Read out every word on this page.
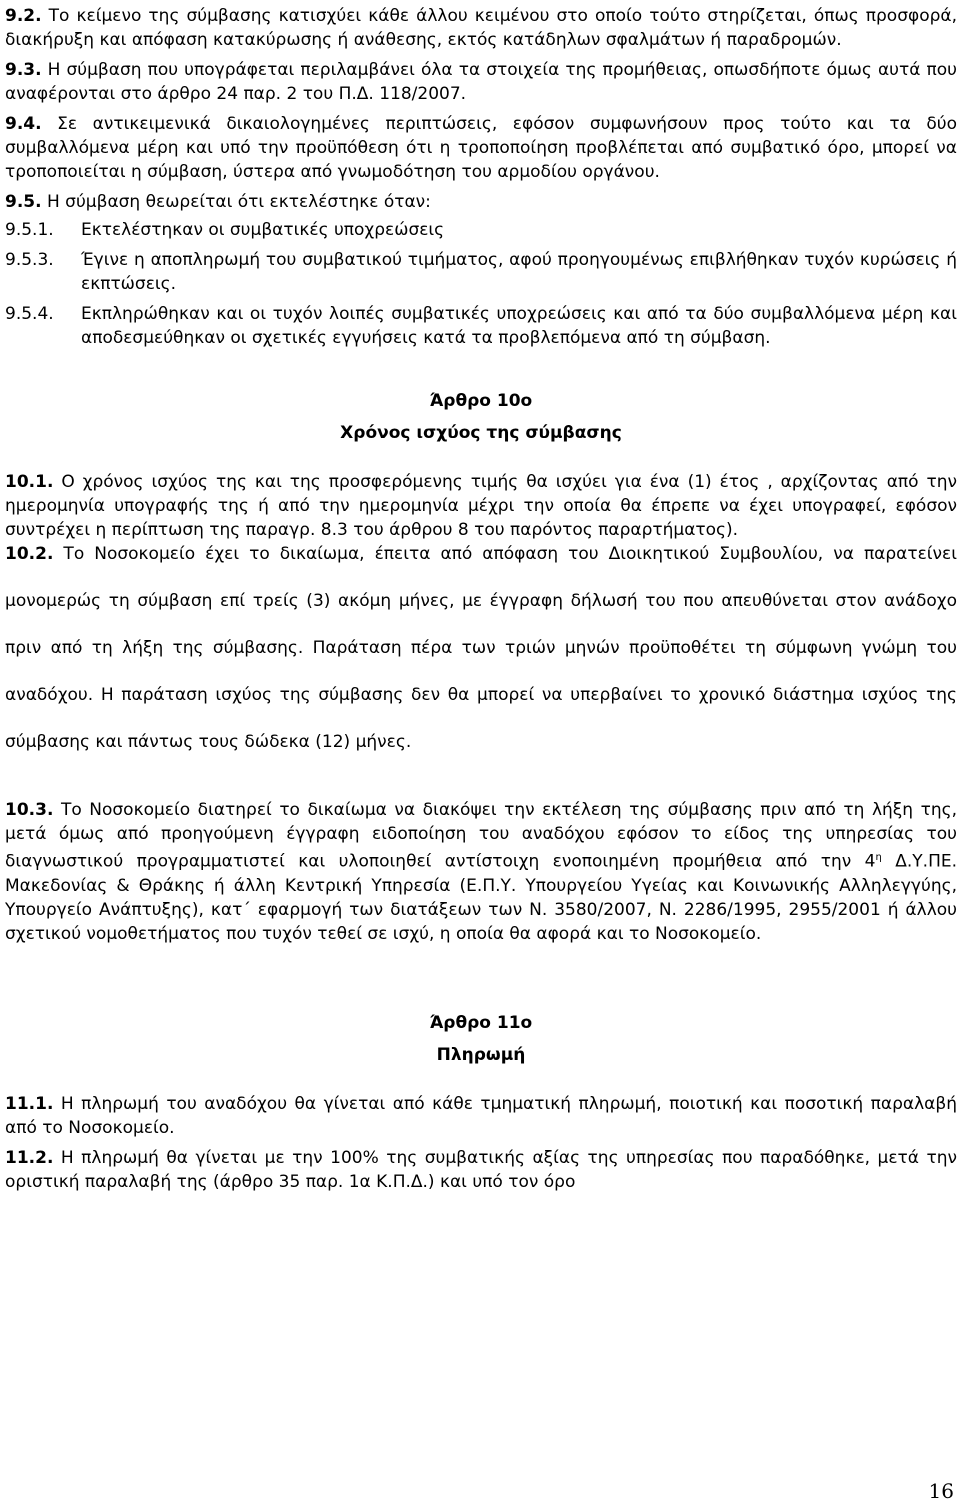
9.2. Το κείμενο της σύμβασης κατισχύει κάθε άλλου κειμένου στο οποίο τούτο στηρίζεται, όπως προσφορά, διακήρυξη και απόφαση κατακύρωσης ή ανάθεσης, εκτός κατάδηλων σφαλμάτων ή παραδρομών.

9.3. Η σύμβαση που υπογράφεται περιλαμβάνει όλα τα στοιχεία της προμήθειας, οπωσδήποτε όμως αυτά που αναφέρονται στο άρθρο 24 παρ. 2 του Π.Δ. 118/2007.

9.4. Σε αντικειμενικά δικαιολογημένες περιπτώσεις, εφόσον συμφωνήσουν προς τούτο και τα δύο συμβαλλόμενα μέρη και υπό την προϋπόθεση ότι η τροποποίηση προβλέπεται από συμβατικό όρο, μπορεί να τροποποιείται η σύμβαση, ύστερα από γνωμοδότηση του αρμοδίου οργάνου.

9.5. Η σύμβαση θεωρείται ότι εκτελέστηκε όταν:

9.5.1.	Εκτελέστηκαν οι συμβατικές υποχρεώσεις
9.5.3.	Έγινε η αποπληρωμή του συμβατικού τιμήματος, αφού προηγουμένως επιβλήθηκαν τυχόν κυρώσεις ή εκπτώσεις.
9.5.4.	Εκπληρώθηκαν και οι τυχόν λοιπές συμβατικές υποχρεώσεις και από τα δύο συμβαλλόμενα μέρη και αποδεσμεύθηκαν οι σχετικές εγγυήσεις κατά τα προβλεπόμενα από τη σύμβαση.

Άρθρο 10ο

Χρόνος ισχύος της σύμβασης

10.1. Ο χρόνος ισχύος της και της προσφερόμενης τιμής θα ισχύει για ένα (1) έτος , αρχίζοντας από την ημερομηνία υπογραφής της ή από την ημερομηνία μέχρι την οποία θα έπρεπε να έχει υπογραφεί, εφόσον συντρέχει η περίπτωση της παραγρ. 8.3 του άρθρου 8 του παρόντος παραρτήματος).

10.2. Το Νοσοκομείο έχει το δικαίωμα, έπειτα από απόφαση του Διοικητικού Συμβουλίου, να παρατείνει μονομερώς τη σύμβαση επί τρείς (3) ακόμη μήνες, με έγγραφη δήλωσή του που απευθύνεται στον ανάδοχο πριν από τη λήξη της σύμβασης. Παράταση πέρα των τριών μηνών προϋποθέτει τη σύμφωνη γνώμη του αναδόχου. Η παράταση ισχύος της σύμβασης δεν θα μπορεί να υπερβαίνει το χρονικό διάστημα ισχύος της σύμβασης και πάντως τους δώδεκα (12) μήνες.

10.3. Το Νοσοκομείο διατηρεί το δικαίωμα να διακόψει την εκτέλεση της σύμβασης πριν από τη λήξη της, μετά όμως από προηγούμενη έγγραφη ειδοποίηση του αναδόχου εφόσον το είδος της υπηρεσίας του διαγνωστικού προγραμματιστεί και υλοποιηθεί αντίστοιχη ενοποιημένη προμήθεια από την $4^\eta$ Δ.Υ.ΠΕ. Μακεδονίας & Θράκης ή άλλη Κεντρική Υπηρεσία (Ε.Π.Υ. Υπουργείου Υγείας και Κοινωνικής Αλληλεγγύης, Υπουργείο Ανάπτυξης), κατ΄ εφαρμογή των διατάξεων των Ν. 3580/2007, Ν. 2286/1995, 2955/2001 ή άλλου σχετικού νομοθετήματος που τυχόν τεθεί σε ισχύ, η οποία θα αφορά και το Νοσοκομείο.

Άρθρο 11ο

Πληρωμή

11.1. Η πληρωμή του αναδόχου θα γίνεται από κάθε τμηματική πληρωμή, ποιοτική και ποσοτική παραλαβή από το Νοσοκομείο.

11.2. Η πληρωμή θα γίνεται με την 100% της συμβατικής αξίας της υπηρεσίας που παραδόθηκε, μετά την οριστική παραλαβή της (άρθρο 35 παρ. 1α Κ.Π.Δ.) και υπό τον όρο

16
